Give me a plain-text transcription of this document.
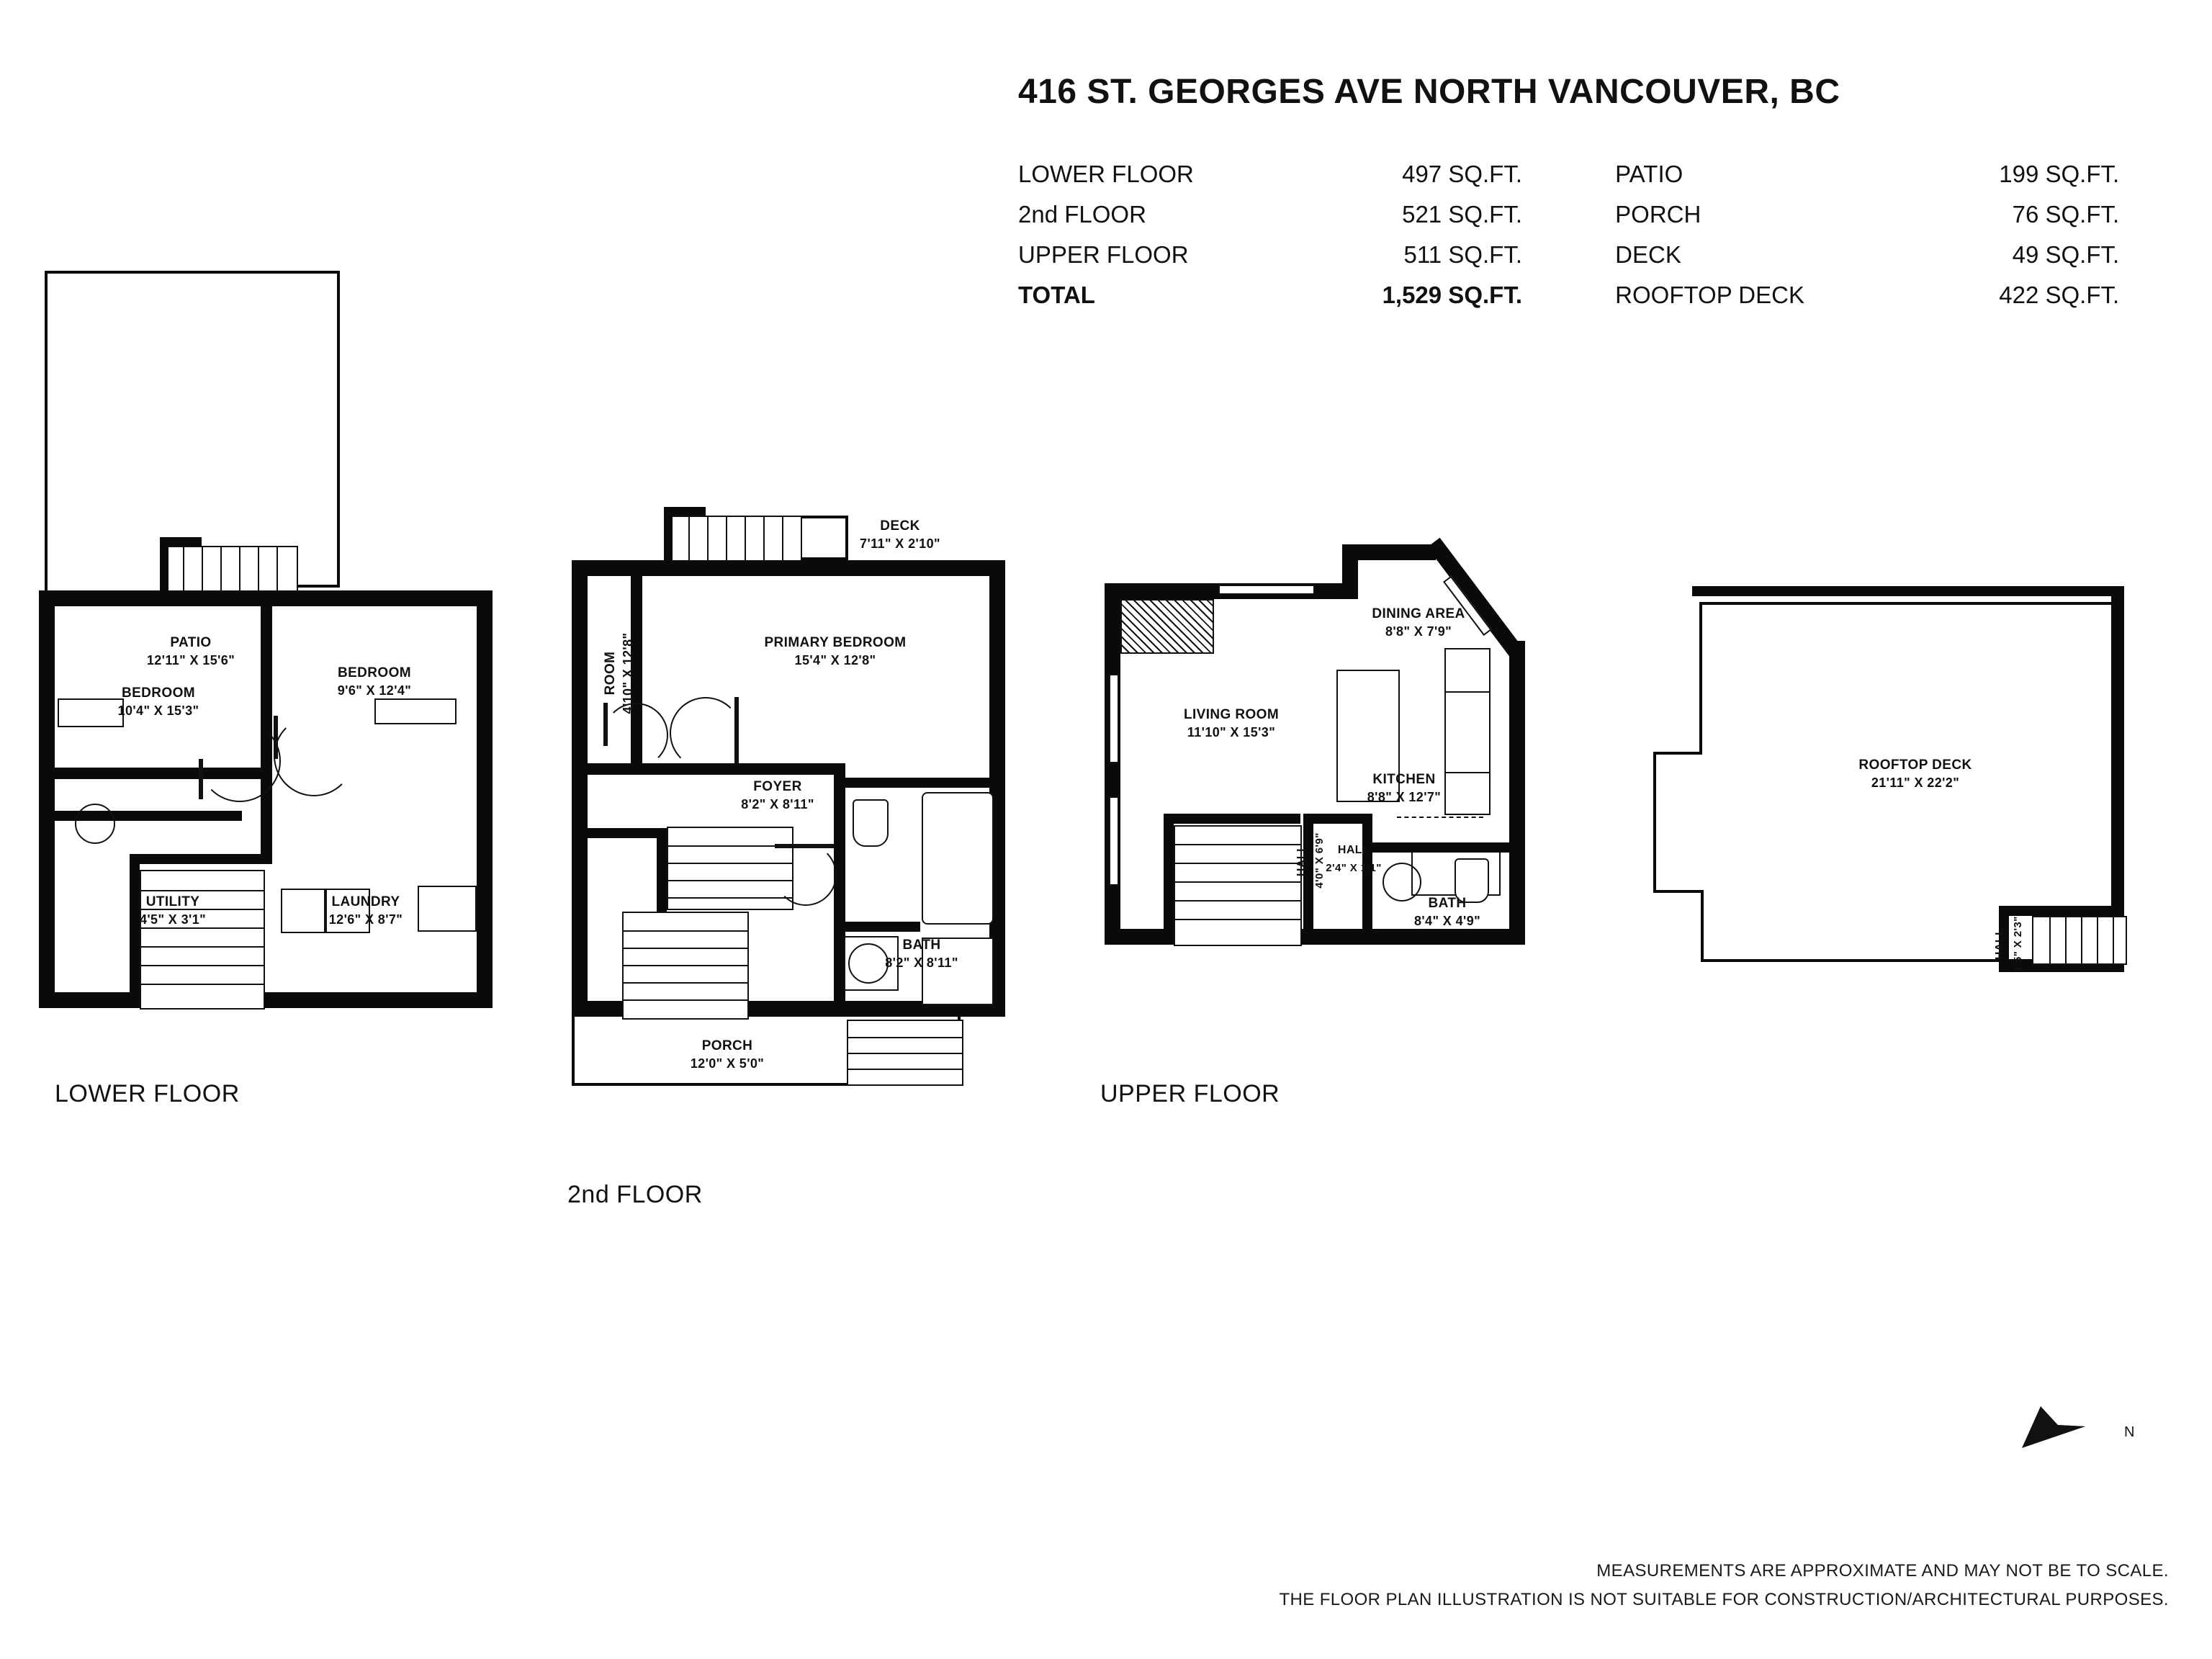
416 ST. GEORGES AVE NORTH VANCOUVER, BC
LOWER FLOOR	497 SQ.FT.
2nd FLOOR	521 SQ.FT.
UPPER FLOOR	511 SQ.FT.
TOTAL	1,529 SQ.FT.

PATIO	199 SQ.FT.
PORCH	76 SQ.FT.
DECK	49 SQ.FT.
ROOFTOP DECK	422 SQ.FT.
PATIO
12'11" X 15'6"
BEDROOM
10'4" X 15'3"
BEDROOM
9'6" X 12'4"
UTILITY
4'5" X 3'1"
LAUNDRY
12'6" X 8'7"
LOWER FLOOR
DECK
7'11" X 2'10"
PORCH
12'0" X 5'0"
ROOM 4'10" X 12'8"	PRIMARY BEDROOM
15'4" X 12'8"
FOYER
8'2" X 8'11"
BATH
8'2" X 8'11"
2nd FLOOR
DINING AREA
8'8" X 7'9"
LIVING ROOM
11'10" X 15'3"
KITCHEN
8'8" X 12'7"
HALL 4'0" X 6'9"	HALL
2'4" X 1'1"
BATH
8'4" X 4'9"
UPPER FLOOR
ROOFTOP DECK
21'11" X 22'2"
HALL 1'5" X 2'3"
N
MEASUREMENTS ARE APPROXIMATE AND MAY NOT BE TO SCALE.
THE FLOOR PLAN ILLUSTRATION IS NOT SUITABLE FOR CONSTRUCTION/ARCHITECTURAL PURPOSES.
